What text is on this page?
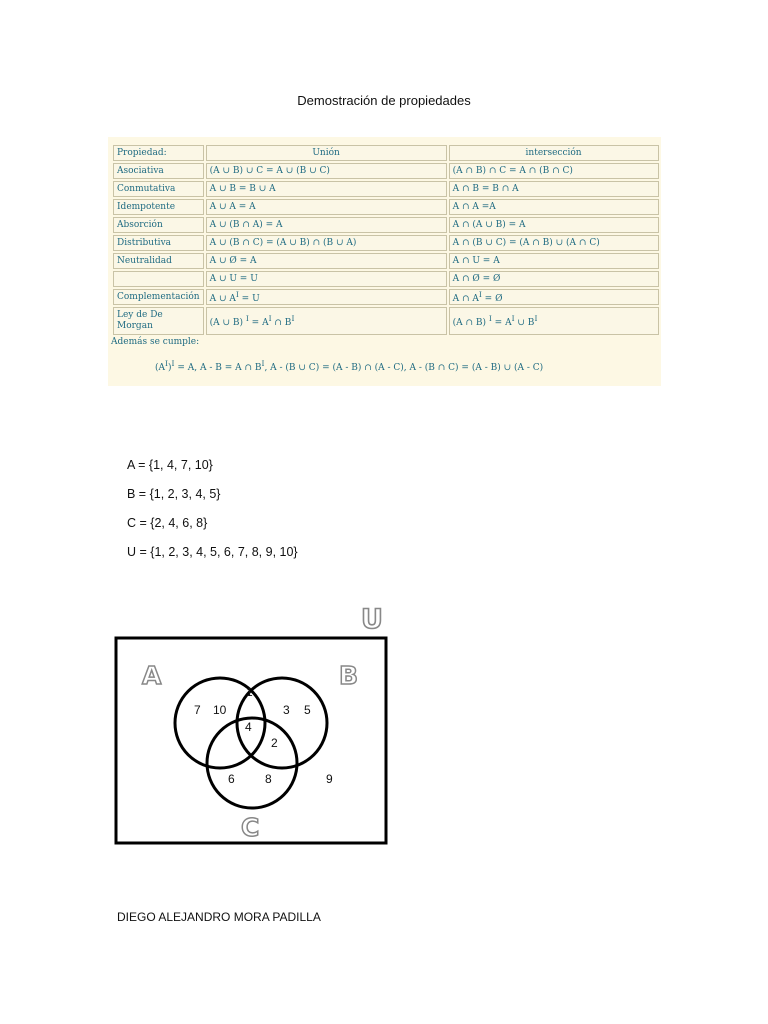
Demostración de propiedades
Propiedad:	Unión	intersección
Asociativa	(A ∪ B) ∪ C = A ∪ (B ∪ C)	(A ∩ B) ∩ C = A ∩ (B ∩ C)
Conmutativa	A ∪ B = B ∪ A	A ∩ B = B ∩ A
Idempotente	A ∪ A = A	A ∩ A =A
Absorción	A ∪ (B ∩ A) = A	A ∩ (A ∪ B) = A
Distributiva	A ∪ (B ∩ C) = (A ∪ B) ∩ (B ∪ A)	A ∩ (B ∪ C) = (A ∩ B) ∪ (A ∩ C)
Neutralidad	A ∪ Ø = A	A ∩ U = A
	A ∪ U = U	A ∩ Ø = Ø
Complementación	A ∪ $A^I = U$	A ∩ $A^I$ = Ø
Ley de De Morgan	(A ∪ B) $^I = A^I$ ∩ $B^I$	(A ∩ B) $^I = A^I$ ∪ $B^I$
Además se cumple:
$(A^I)^I = A$, A - B = A ∩ $B^I$, A - (B ∪ C) = (A - B) ∩ (A - C), A - (B ∩ C) = (A - B) ∪ (A - C)
A = {1, 4, 7, 10}
B = {1, 2, 3, 4, 5}
C = {2, 4, 6, 8}
U = {1, 2, 3, 4, 5, 6, 7, 8, 9, 10}
U
A	B
C
7 10
1
3 5
4
2
6	8	9
DIEGO ALEJANDRO MORA PADILLA
